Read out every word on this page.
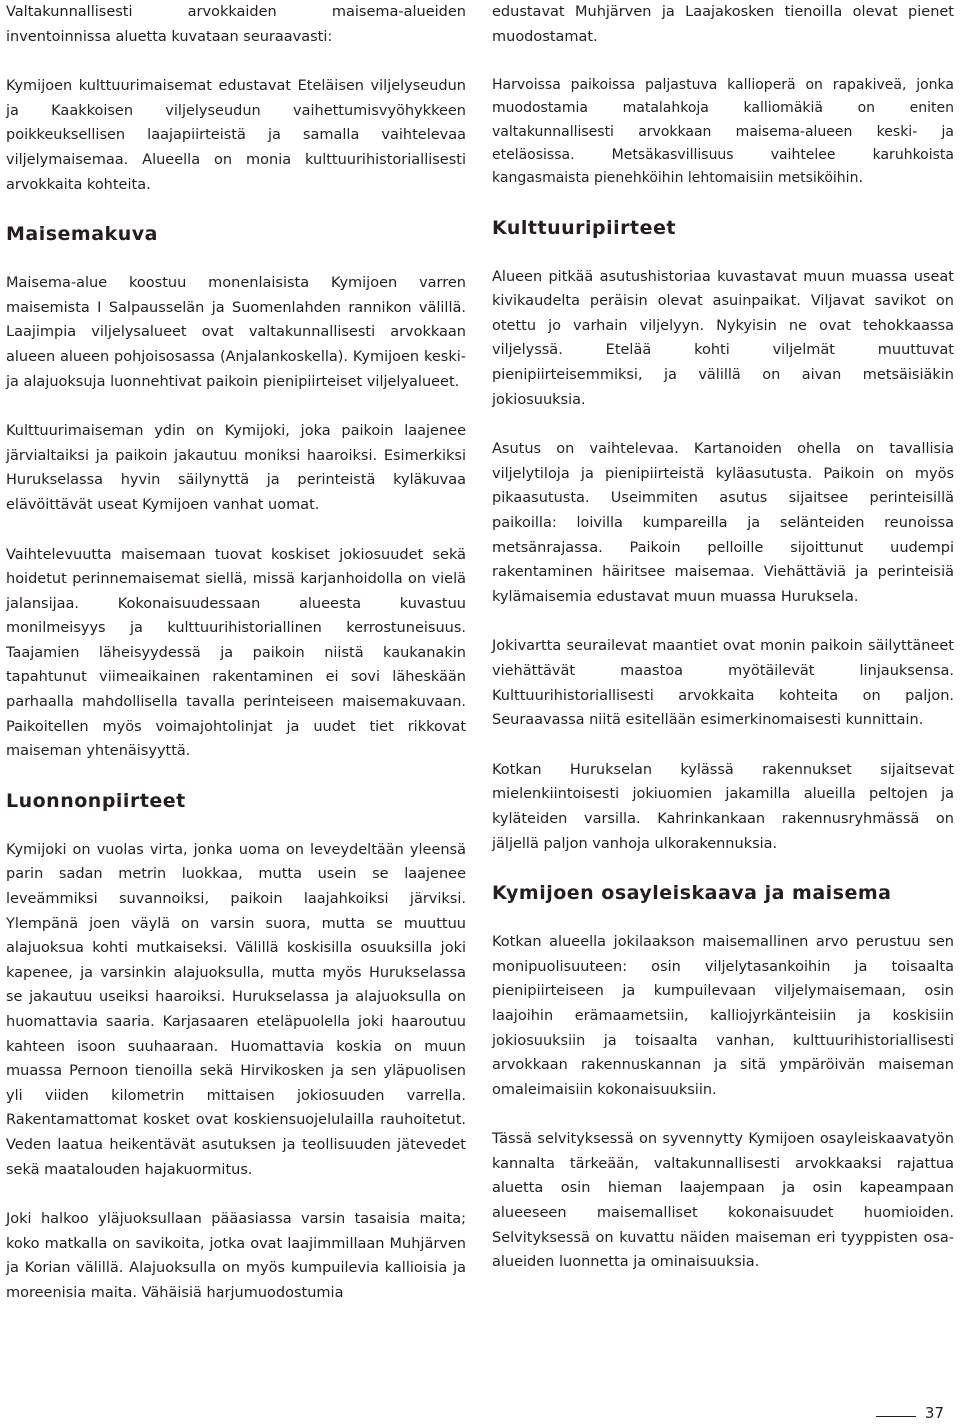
Valtakunnallisesti arvokkaiden maisema-alueiden inventoinnissa aluetta kuvataan seuraavasti:

Kymijoen kulttuurimaisemat edustavat Eteläisen viljelyseudun ja Kaakkoisen viljelyseudun vaihettumisvyöhykkeen poikkeuksellisen laajapiirteistä ja samalla vaihtelevaa viljelymaisemaa. Alueella on monia kulttuurihistoriallisesti arvokkaita kohteita.

Maisemakuva

Maisema-alue koostuu monenlaisista Kymijoen varren maisemista I Salpausselän ja Suomenlahden rannikon välillä. Laajimpia viljelysalueet ovat valtakunnallisesti arvokkaan alueen alueen pohjoisosassa (Anjalankoskella). Kymijoen keski- ja alajuoksuja luonnehtivat paikoin pienipiirteiset viljelyalueet.

Kulttuurimaiseman ydin on Kymijoki, joka paikoin laajenee järvialtaiksi ja paikoin jakautuu moniksi haaroiksi. Esimerkiksi Hurukselassa hyvin säilynyttä ja perinteistä kyläkuvaa elävöittävät useat Kymijoen vanhat uomat.

Vaihtelevuutta maisemaan tuovat koskiset jokiosuudet sekä hoidetut perinnemaisemat siellä, missä karjanhoidolla on vielä jalansijaa. Kokonaisuudessaan alueesta kuvastuu monilmeisyys ja kulttuurihistoriallinen kerrostuneisuus. Taajamien läheisyydessä ja paikoin niistä kaukanakin tapahtunut viimeaikainen rakentaminen ei sovi läheskään parhaalla mahdollisella tavalla perinteiseen maisemakuvaan. Paikoitellen myös voimajohtolinjat ja uudet tiet rikkovat maiseman yhtenäisyyttä.

Luonnonpiirteet

Kymijoki on vuolas virta, jonka uoma on leveydeltään yleensä parin sadan metrin luokkaa, mutta usein se laajenee leveämmiksi suvannoiksi, paikoin laajahkoiksi järviksi. Ylempänä joen väylä on varsin suora, mutta se muuttuu alajuoksua kohti mutkaiseksi. Välillä koskisilla osuuksilla joki kapenee, ja varsinkin alajuoksulla, mutta myös Hurukselassa se jakautuu useiksi haaroiksi. Hurukselassa ja alajuoksulla on huomattavia saaria. Karjasaaren eteläpuolella joki haaroutuu kahteen isoon suuhaaraan. Huomattavia koskia on muun muassa Pernoon tienoilla sekä Hirvikosken ja sen yläpuolisen yli viiden kilometrin mittaisen jokiosuuden varrella. Rakentamattomat kosket ovat koskiensuojelulailla rauhoitetut. Veden laatua heikentävät asutuksen ja teollisuuden jätevedet sekä maatalouden hajakuormitus.

Joki halkoo yläjuoksullaan pääasiassa varsin tasaisia maita; koko matkalla on savikoita, jotka ovat laajimmillaan Muhjärven ja Korian välillä. Alajuoksulla on myös kumpuilevia kallioisia ja moreenisia maita. Vähäisiä harjumuodostumia

edustavat Muhjärven ja Laajakosken tienoilla olevat pienet muodostamat.

Harvoissa paikoissa paljastuva kallioperä on rapakiveä, jonka muodostamia matalahkoja kalliomäkiä on eniten valtakunnallisesti arvokkaan maisema-alueen keski- ja eteläosissa. Metsäkasvillisuus vaihtelee karuhkoista kangasmaista pienehköihin lehtomaisiin metsiköihin.

Kulttuuripiirteet

Alueen pitkää asutushistoriaa kuvastavat muun muassa useat kivikaudelta peräisin olevat asuinpaikat. Viljavat savikot on otettu jo varhain viljelyyn. Nykyisin ne ovat tehokkaassa viljelyssä. Etelää kohti viljelmät muuttuvat pienipiirteisemmiksi, ja välillä on aivan metsäisiäkin jokiosuuksia.

Asutus on vaihtelevaa. Kartanoiden ohella on tavallisia viljelytiloja ja pienipiirteistä kyläasutusta. Paikoin on myös pikaasutusta. Useimmiten asutus sijaitsee perinteisillä paikoilla: loivilla kumpareilla ja selänteiden reunoissa metsänrajassa. Paikoin pelloille sijoittunut uudempi rakentaminen häiritsee maisemaa. Viehättäviä ja perinteisiä kylämaisemia edustavat muun muassa Huruksela.

Jokivartta seurailevat maantiet ovat monin paikoin säilyttäneet viehättävät maastoa myötäilevät linjauksensa. Kulttuurihistoriallisesti arvokkaita kohteita on paljon. Seuraavassa niitä esitellään esimerkinomaisesti kunnittain.

Kotkan Hurukselan kylässä rakennukset sijaitsevat mielenkiintoisesti jokiuomien jakamilla alueilla peltojen ja kyläteiden varsilla. Kahrinkankaan rakennusryhmässä on jäljellä paljon vanhoja ulkorakennuksia.

Kymijoen osayleiskaava ja maisema

Kotkan alueella jokilaakson maisemallinen arvo perustuu sen monipuolisuuteen: osin viljelytasankoihin ja toisaalta pienipiirteiseen ja kumpuilevaan viljelymaisemaan, osin laajoihin erämaametsiin, kalliojyrkänteisiin ja koskisiin jokiosuuksiin ja toisaalta vanhan, kulttuurihistoriallisesti arvokkaan rakennuskannan ja sitä ympäröivän maiseman omaleimaisiin kokonaisuuksiin.

Tässä selvityksessä on syvennytty Kymijoen osayleiskaavatyön kannalta tärkeään, valtakunnallisesti arvokkaaksi rajattua aluetta osin hieman laajempaan ja osin kapeampaan alueeseen maisemalliset kokonaisuudet huomioiden. Selvityksessä on kuvattu näiden maiseman eri tyyppisten osa-alueiden luonnetta ja ominaisuuksia.

37
